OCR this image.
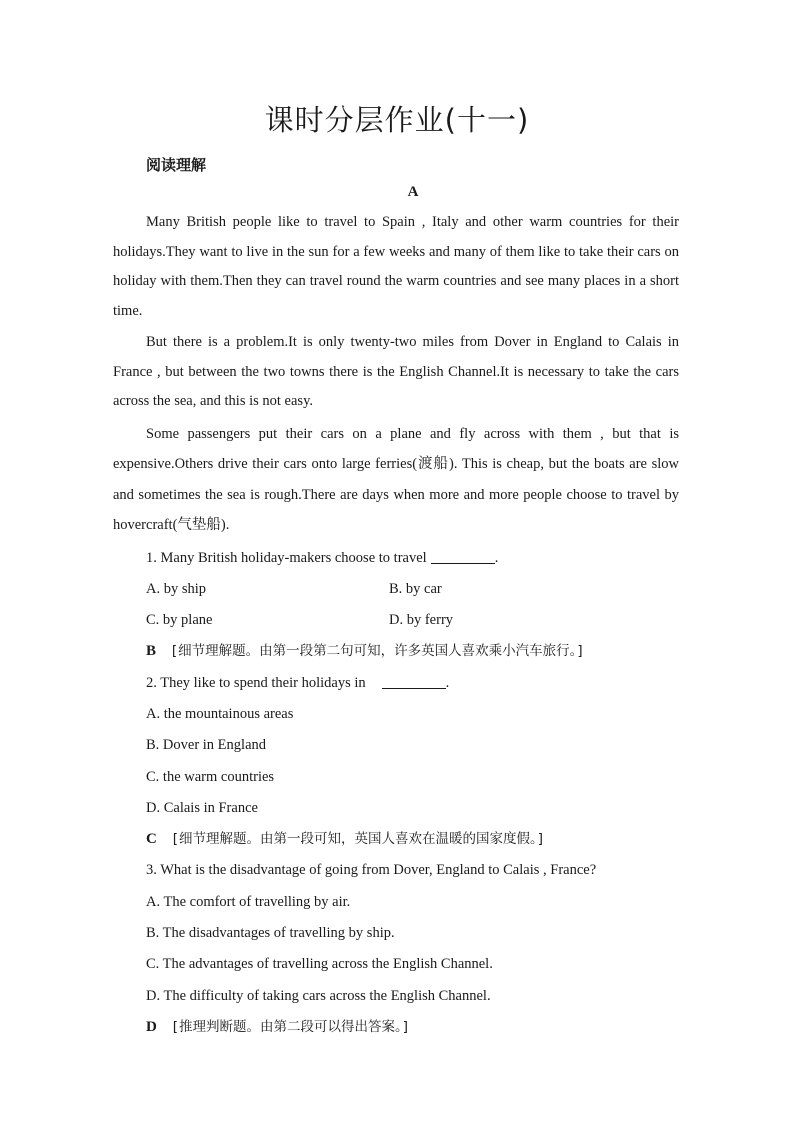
课时分层作业(十一)
阅读理解
A

Many British people like to travel to Spain , Italy and other warm countries for their holidays.They want to live in the sun for a few weeks and many of them like to take their cars on holiday with them.Then they can travel round the warm countries and see many places in a short time.

But there is a problem.It is only twenty-two miles from Dover in England to Calais in France , but between the two towns there is the English Channel.It is necessary to take the cars across the sea, and this is not easy.

Some passengers put their cars on a plane and fly across with them , but that is expensive.Others drive their cars onto large ferries(渡船). This is cheap, but the boats are slow and sometimes the sea is rough.There are days when more and more people choose to travel by hovercraft(气垫船).

1. Many British holiday-makers choose to travel	.
A. by ship	B. by car
C. by plane	D. by ferry
B [细节理解题。由第一段第二句可知，许多英国人喜欢乘小汽车旅行。]
2. They like to spend their holidays in	.
A. the mountainous areas
B. Dover in England
C. the warm countries
D. Calais in France
C [细节理解题。由第一段可知，英国人喜欢在温暖的国家度假。]
3. What is the disadvantage of going from Dover, England to Calais , France?
A. The comfort of travelling by air.
B. The disadvantages of travelling by ship.
C. The advantages of travelling across the English Channel.
D. The difficulty of taking cars across the English Channel.
D [推理判断题。由第二段可以得出答案。]
